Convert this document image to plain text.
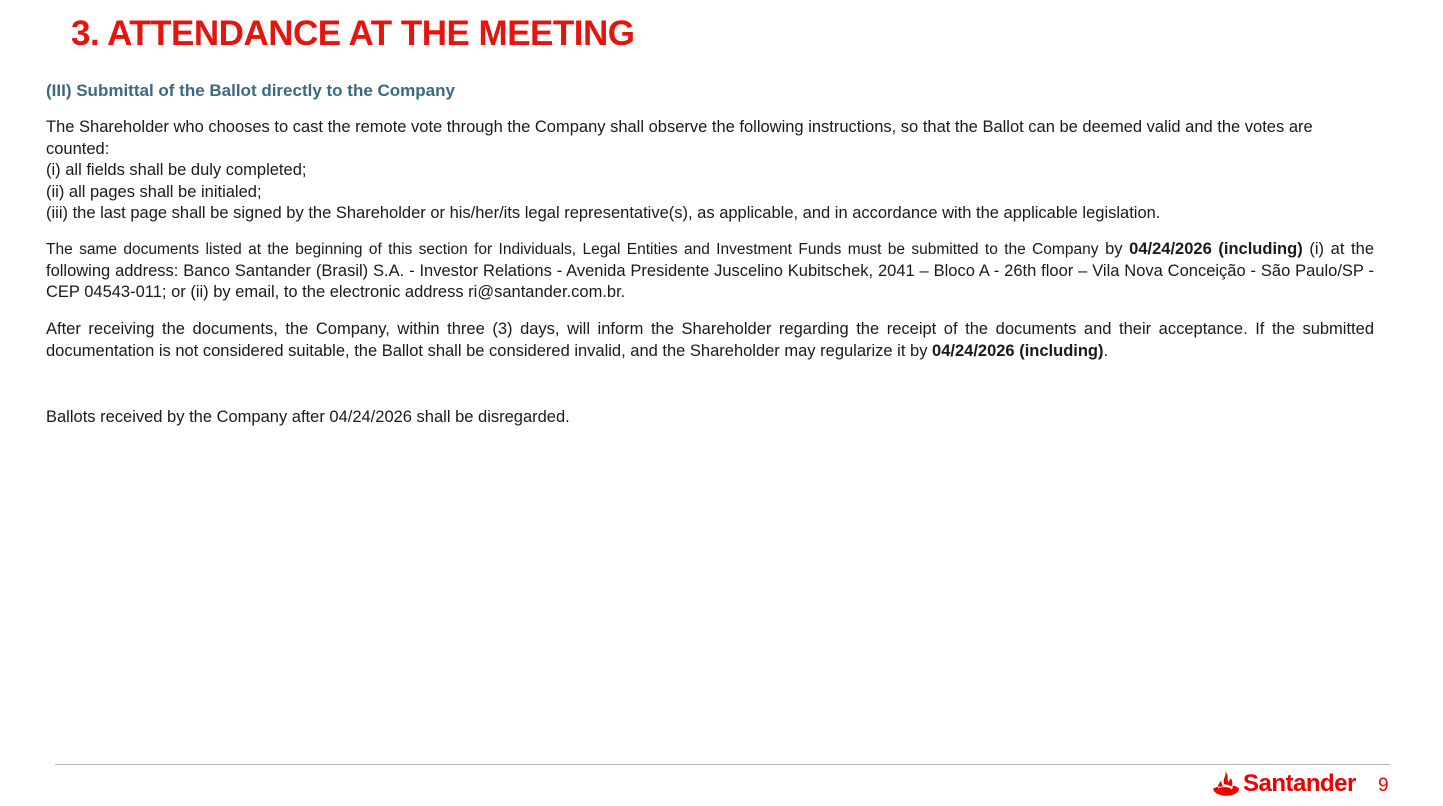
3. ATTENDANCE AT THE MEETING
(III) Submittal of the Ballot directly to the Company
The Shareholder who chooses to cast the remote vote through the Company shall observe the following instructions, so that the Ballot can be deemed valid and the votes are counted:
(i) all fields shall be duly completed;
(ii) all pages shall be initialed;
(iii) the last page shall be signed by the Shareholder or his/her/its legal representative(s), as applicable, and in accordance with the applicable legislation.

The same documents listed at the beginning of this section for Individuals, Legal Entities and Investment Funds must be submitted to the Company by 04/24/2026 (including) (i) at the following address: Banco Santander (Brasil) S.A. - Investor Relations - Avenida Presidente Juscelino Kubitschek, 2041 – Bloco A - 26th floor – Vila Nova Conceição - São Paulo/SP - CEP 04543-011; or (ii) by email, to the electronic address ri@santander.com.br.

After receiving the documents, the Company, within three (3) days, will inform the Shareholder regarding the receipt of the documents and their acceptance. If the submitted documentation is not considered suitable, the Ballot shall be considered invalid, and the Shareholder may regularize it by 04/24/2026 (including).

Ballots received by the Company after 04/24/2026 shall be disregarded.

Santander 9
